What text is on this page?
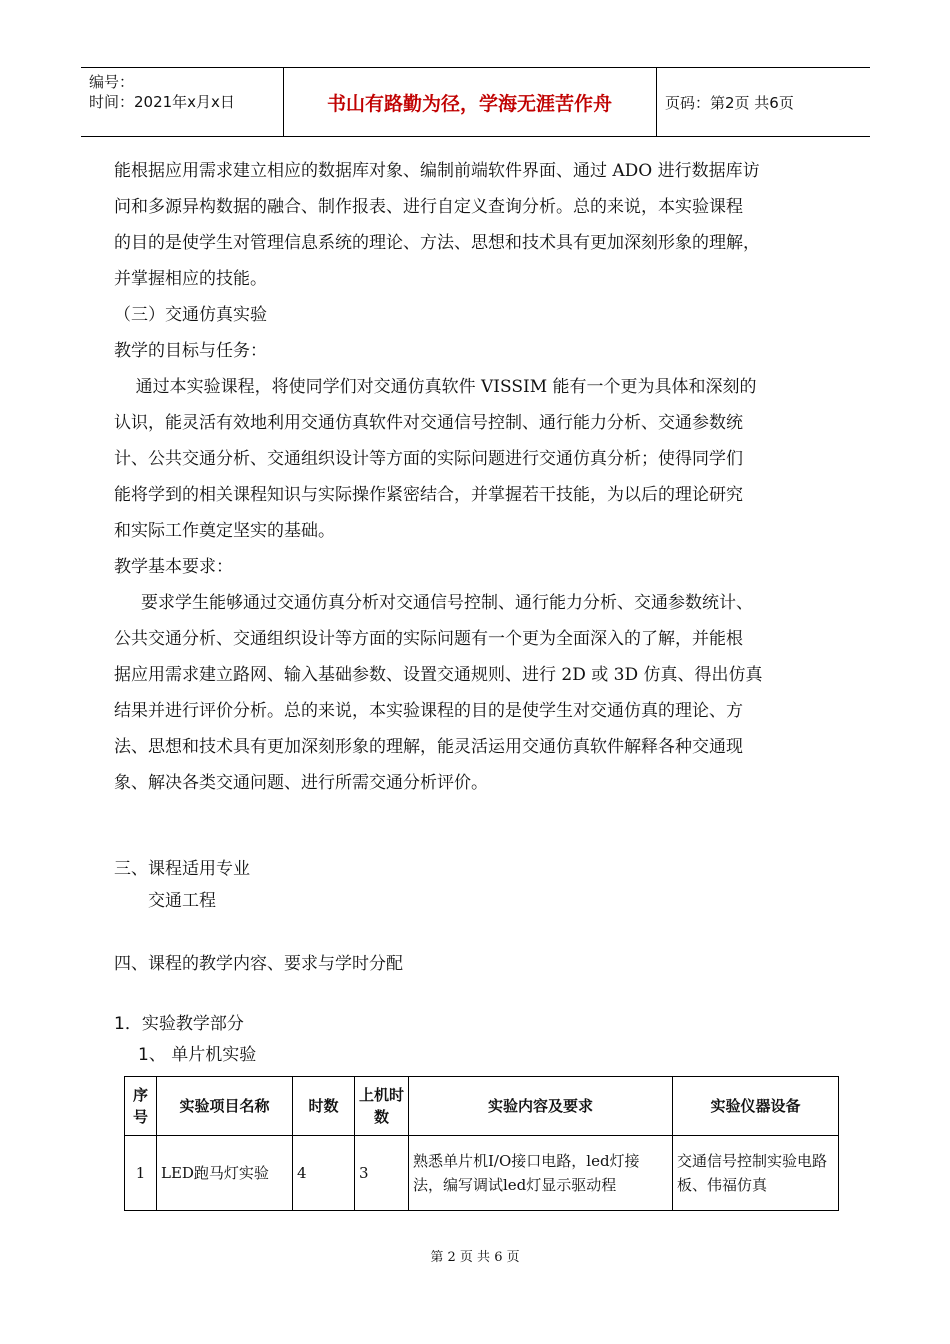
编号：
时间：2021年x月x日	书山有路勤为径，学海无涯苦作舟	页码：第2页 共6页
能根据应用需求建立相应的数据库对象、编制前端软件界面、通过 ADO 进行数据库访
问和多源异构数据的融合、制作报表、进行自定义查询分析。总的来说，本实验课程
的目的是使学生对管理信息系统的理论、方法、思想和技术具有更加深刻形象的理解，
并掌握相应的技能。
（三）交通仿真实验
教学的目标与任务：
通过本实验课程，将使同学们对交通仿真软件 VISSIM 能有一个更为具体和深刻的
认识，能灵活有效地利用交通仿真软件对交通信号控制、通行能力分析、交通参数统
计、公共交通分析、交通组织设计等方面的实际问题进行交通仿真分析；使得同学们
能将学到的相关课程知识与实际操作紧密结合，并掌握若干技能，为以后的理论研究
和实际工作奠定坚实的基础。
教学基本要求：
要求学生能够通过交通仿真分析对交通信号控制、通行能力分析、交通参数统计、
公共交通分析、交通组织设计等方面的实际问题有一个更为全面深入的了解，并能根
据应用需求建立路网、输入基础参数、设置交通规则、进行 2D 或 3D 仿真、得出仿真
结果并进行评价分析。总的来说，本实验课程的目的是使学生对交通仿真的理论、方
法、思想和技术具有更加深刻形象的理解，能灵活运用交通仿真软件解释各种交通现
象、解决各类交通问题、进行所需交通分析评价。
三、课程适用专业
交通工程
四、课程的教学内容、要求与学时分配
1．实验教学部分
1、 单片机实验
序号	实验项目名称	时数	上机时数	实验内容及要求	实验仪器设备
1	LED跑马灯实验	4	3	熟悉单片机I/O接口电路，led灯接法，编写调试led灯显示驱动程	交通信号控制实验电路板、伟福仿真
第 2 页 共 6 页
